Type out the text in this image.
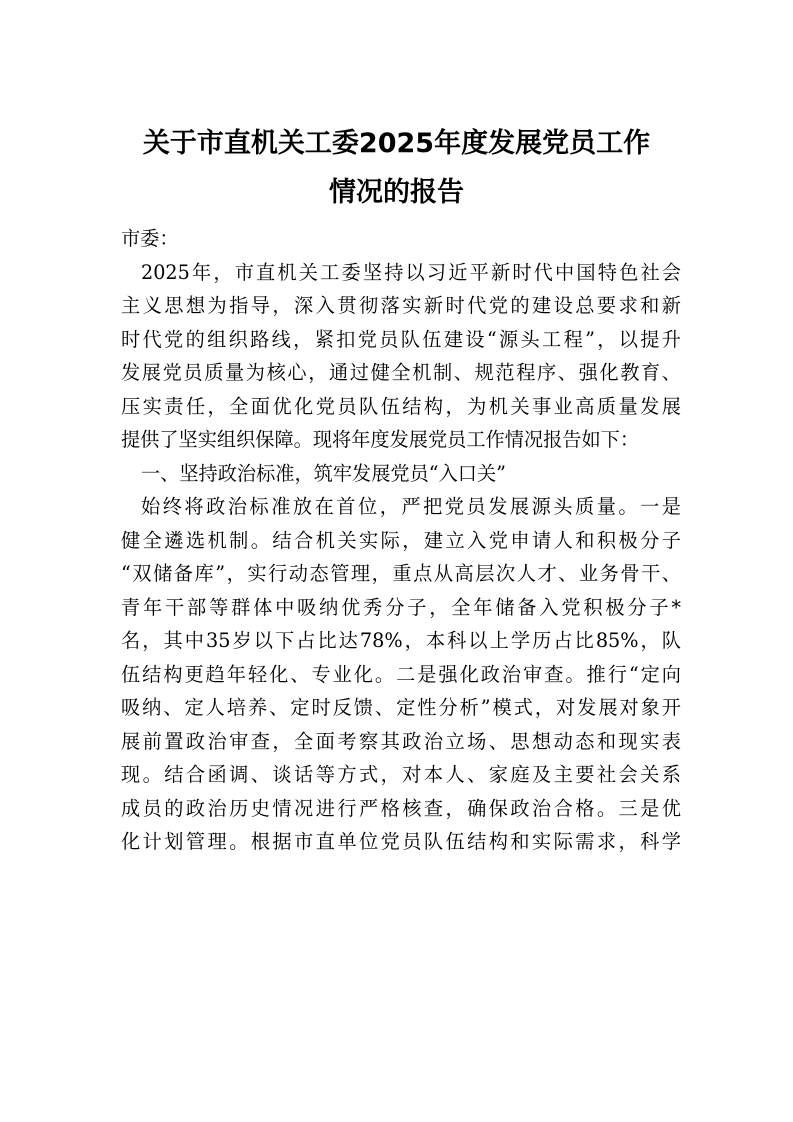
关于市直机关工委2025年度发展党员工作
情况的报告
市委：
2025年，市直机关工委坚持以习近平新时代中国特色社会
主义思想为指导，深入贯彻落实新时代党的建设总要求和新
时代党的组织路线，紧扣党员队伍建设“源头工程”，以提升
发展党员质量为核心，通过健全机制、规范程序、强化教育、
压实责任，全面优化党员队伍结构，为机关事业高质量发展
提供了坚实组织保障。现将年度发展党员工作情况报告如下：
一、坚持政治标准，筑牢发展党员“入口关”
始终将政治标准放在首位，严把党员发展源头质量。一是
健全遴选机制。结合机关实际，建立入党申请人和积极分子
“双储备库”，实行动态管理，重点从高层次人才、业务骨干、
青年干部等群体中吸纳优秀分子，全年储备入党积极分子*
名，其中35岁以下占比达78%，本科以上学历占比85%，队
伍结构更趋年轻化、专业化。二是强化政治审查。推行“定向
吸纳、定人培养、定时反馈、定性分析”模式，对发展对象开
展前置政治审查，全面考察其政治立场、思想动态和现实表
现。结合函调、谈话等方式，对本人、家庭及主要社会关系
成员的政治历史情况进行严格核查，确保政治合格。三是优
化计划管理。根据市直单位党员队伍结构和实际需求，科学
